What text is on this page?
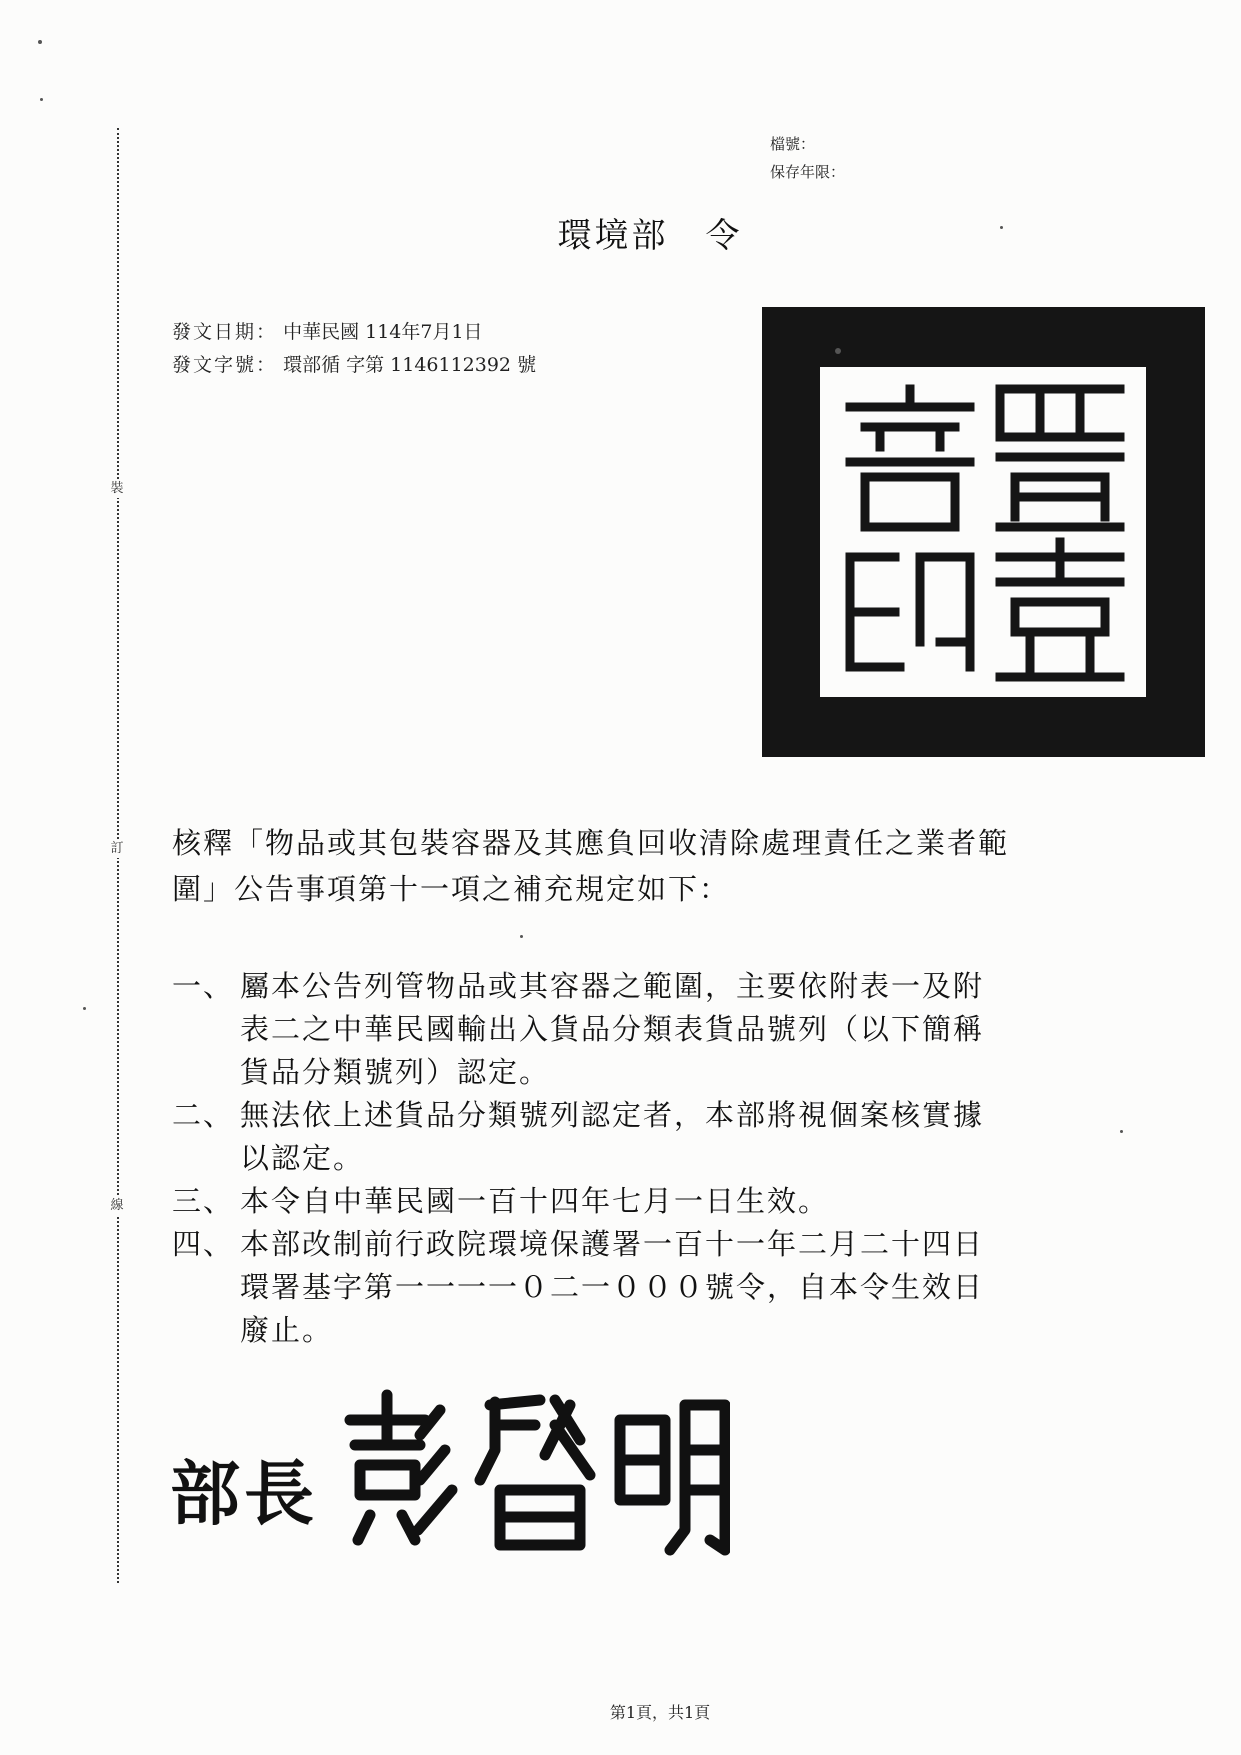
裝
訂
線
檔號：
保存年限：
環境部　令
發文日期： 中華民國 114年7月1日
發文字號： 環部循 字第 1146112392 號
核釋「物品或其包裝容器及其應負回收清除處理責任之業者範
圍」公告事項第十一項之補充規定如下：
一、 屬本公告列管物品或其容器之範圍，主要依附表一及附
表二之中華民國輸出入貨品分類表貨品號列（以下簡稱
貨品分類號列）認定。
二、 無法依上述貨品分類號列認定者，本部將視個案核實據
以認定。
三、 本令自中華民國一百十四年七月一日生效。
四、 本部改制前行政院環境保護署一百十一年二月二十四日
環署基字第一一一一０二一０００號令，自本令生效日
廢止。
部長
第1頁，共1頁
